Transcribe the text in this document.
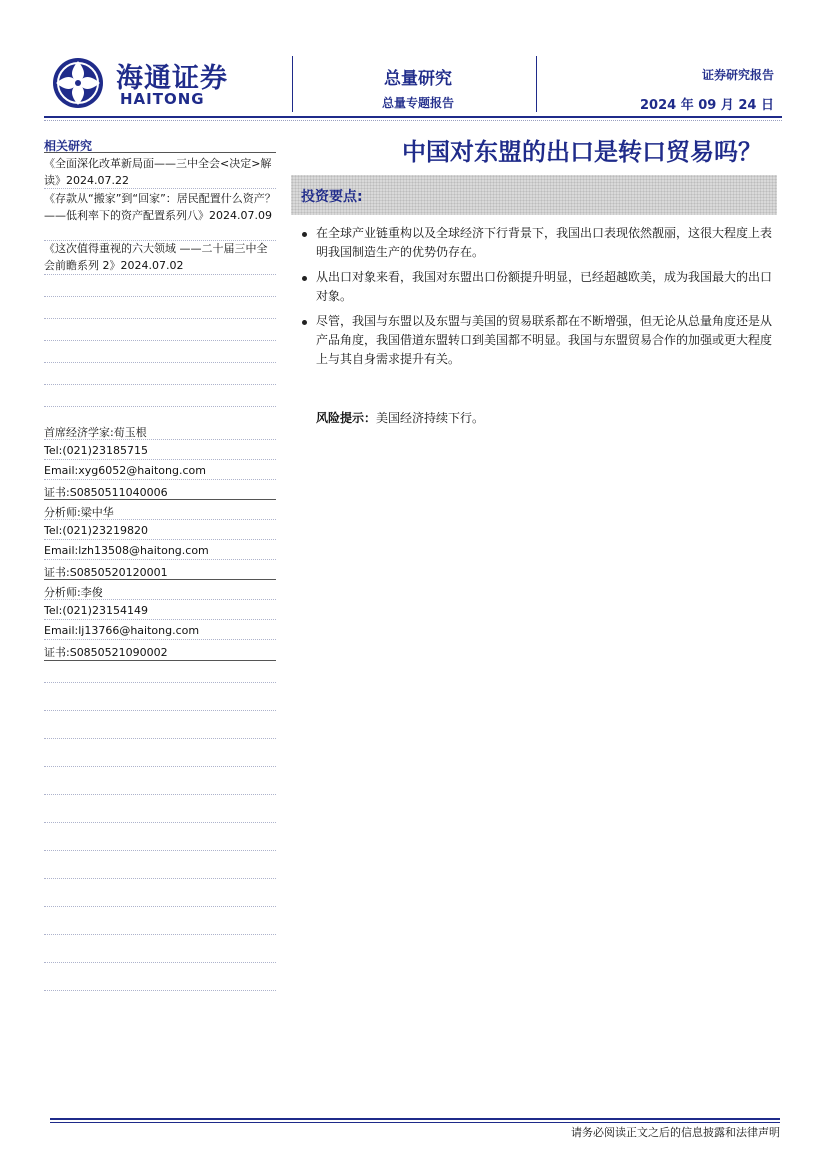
海通证券
HAITONG
总量研究
总量专题报告
证券研究报告
2024 年 09 月 24 日
相关研究
《全面深化改革新局面——三中全会<决定>解读》2024.07.22
《存款从“搬家”到“回家”：居民配置什么资产？——低利率下的资产配置系列八》2024.07.09
《这次值得重视的六大领域 ——二十届三中全会前瞻系列 2》2024.07.02
首席经济学家:荀玉根
Tel:(021)23185715
Email:xyg6052@haitong.com
证书:S0850511040006
分析师:梁中华
Tel:(021)23219820
Email:lzh13508@haitong.com
证书:S0850520120001
分析师:李俊
Tel:(021)23154149
Email:lj13766@haitong.com
证书:S0850521090002
中国对东盟的出口是转口贸易吗？
投资要点:
在全球产业链重构以及全球经济下行背景下，我国出口表现依然靓丽，这很大程度上表明我国制造生产的优势仍存在。
从出口对象来看，我国对东盟出口份额提升明显，已经超越欧美，成为我国最大的出口对象。
尽管，我国与东盟以及东盟与美国的贸易联系都在不断增强，但无论从总量角度还是从产品角度，我国借道东盟转口到美国都不明显。我国与东盟贸易合作的加强或更大程度上与其自身需求提升有关。
风险提示：美国经济持续下行。
请务必阅读正文之后的信息披露和法律声明
